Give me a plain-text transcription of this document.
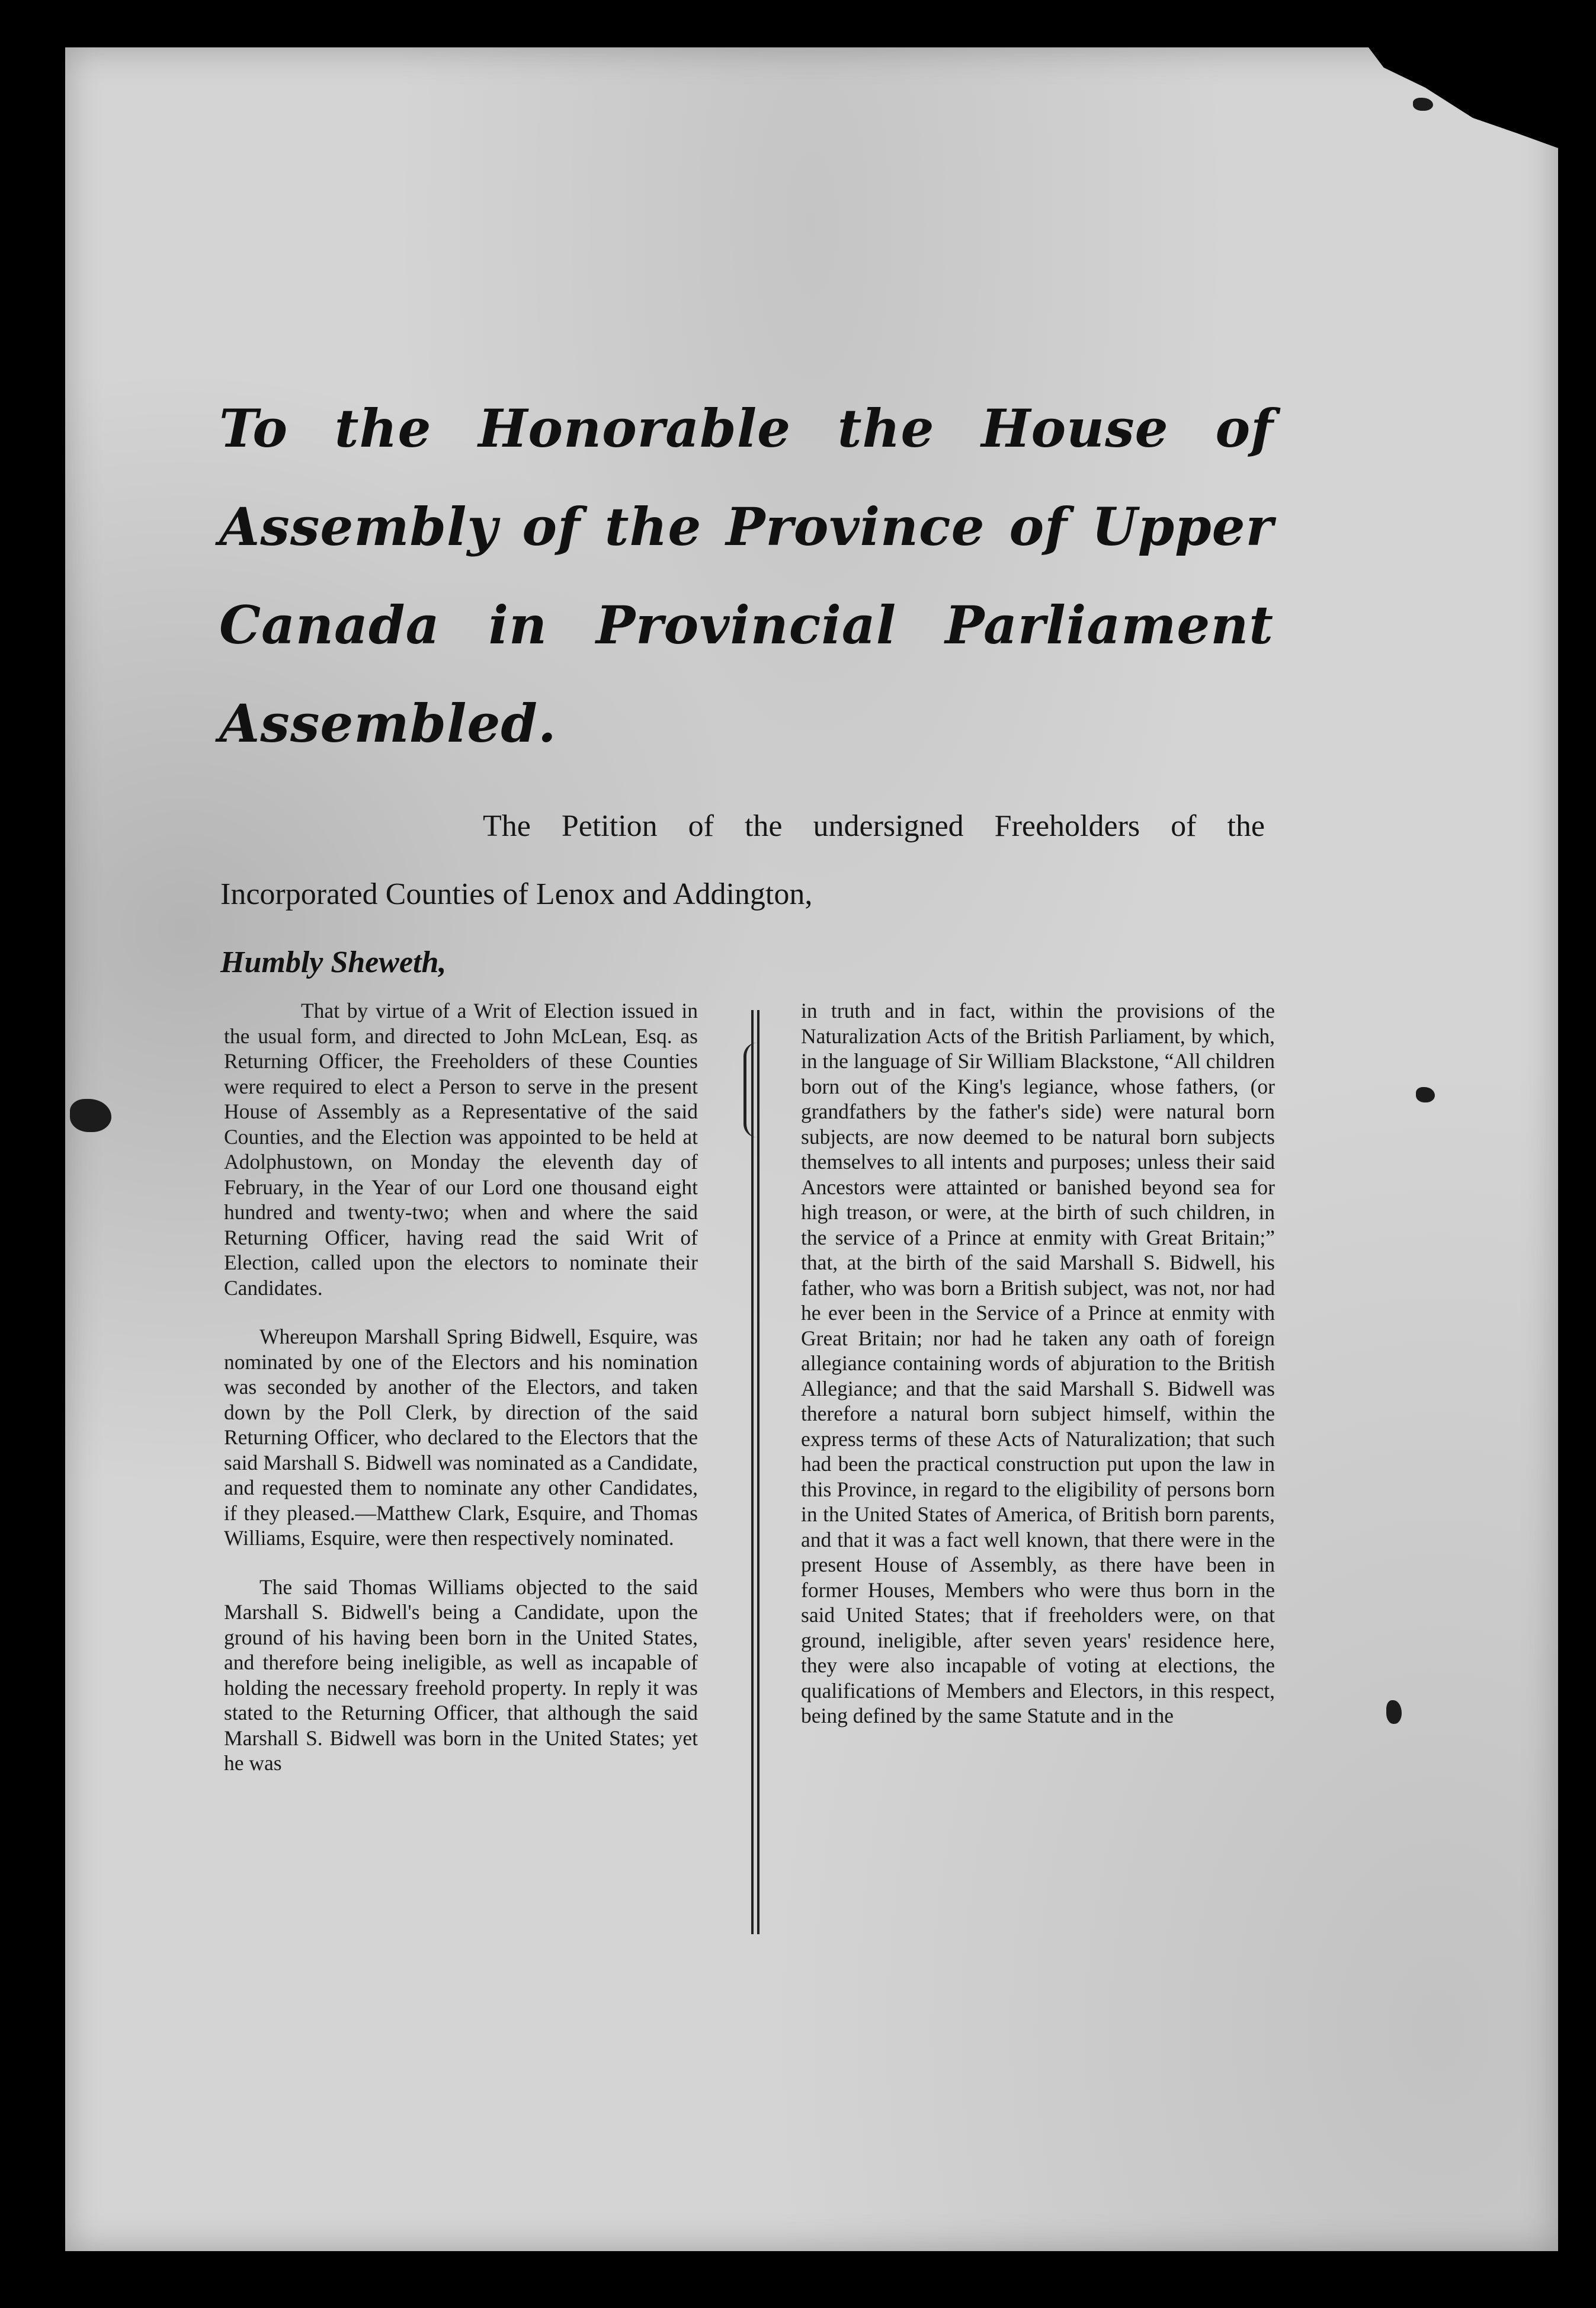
To the Honorable the House of Assembly of the Province of Upper Canada in Provincial Parliament Assembled.
The Petition of the undersigned Freeholders of the
Incorporated Counties of Lenox and Addington,
Humbly Sheweth,

That by virtue of a Writ of Election issued in the usual form, and directed to John McLean, Esq. as Returning Officer, the Freeholders of these Counties were required to elect a Person to serve in the present House of Assembly as a Representative of the said Counties, and the Election was appointed to be held at Adolphustown, on Monday the eleventh day of February, in the Year of our Lord one thousand eight hundred and twenty-two; when and where the said Returning Officer, having read the said Writ of Election, called upon the electors to nominate their Candidates.

Whereupon Marshall Spring Bidwell, Esquire, was nominated by one of the Electors and his nomination was seconded by another of the Electors, and taken down by the Poll Clerk, by direction of the said Returning Officer, who declared to the Electors that the said Marshall S. Bidwell was nominated as a Candidate, and requested them to nominate any other Candidates, if they pleased.—Matthew Clark, Esquire, and Thomas Williams, Esquire, were then respectively nominated.

The said Thomas Williams objected to the said Marshall S. Bidwell's being a Candidate, upon the ground of his having been born in the United States, and therefore being ineligible, as well as incapable of holding the necessary freehold property. In reply it was stated to the Returning Officer, that although the said Marshall S. Bidwell was born in the United States; yet he was

in truth and in fact, within the provisions of the Naturalization Acts of the British Parliament, by which, in the language of Sir William Blackstone, “All children born out of the King's legiance, whose fathers, (or grandfathers by the father's side) were natural born subjects, are now deemed to be natural born subjects themselves to all intents and purposes; unless their said Ancestors were attainted or banished beyond sea for high treason, or were, at the birth of such children, in the service of a Prince at enmity with Great Britain;” that, at the birth of the said Marshall S. Bidwell, his father, who was born a British subject, was not, nor had he ever been in the Service of a Prince at enmity with Great Britain; nor had he taken any oath of foreign allegiance containing words of abjuration to the British Allegiance; and that the said Marshall S. Bidwell was therefore a natural born subject himself, within the express terms of these Acts of Naturalization; that such had been the practical construction put upon the law in this Province, in regard to the eligibility of persons born in the United States of America, of British born parents, and that it was a fact well known, that there were in the present House of Assembly, as there have been in former Houses, Members who were thus born in the said United States; that if freeholders were, on that ground, ineligible, after seven years' residence here, they were also incapable of voting at elections, the qualifications of Members and Electors, in this respect, being defined by the same Statute and in the
